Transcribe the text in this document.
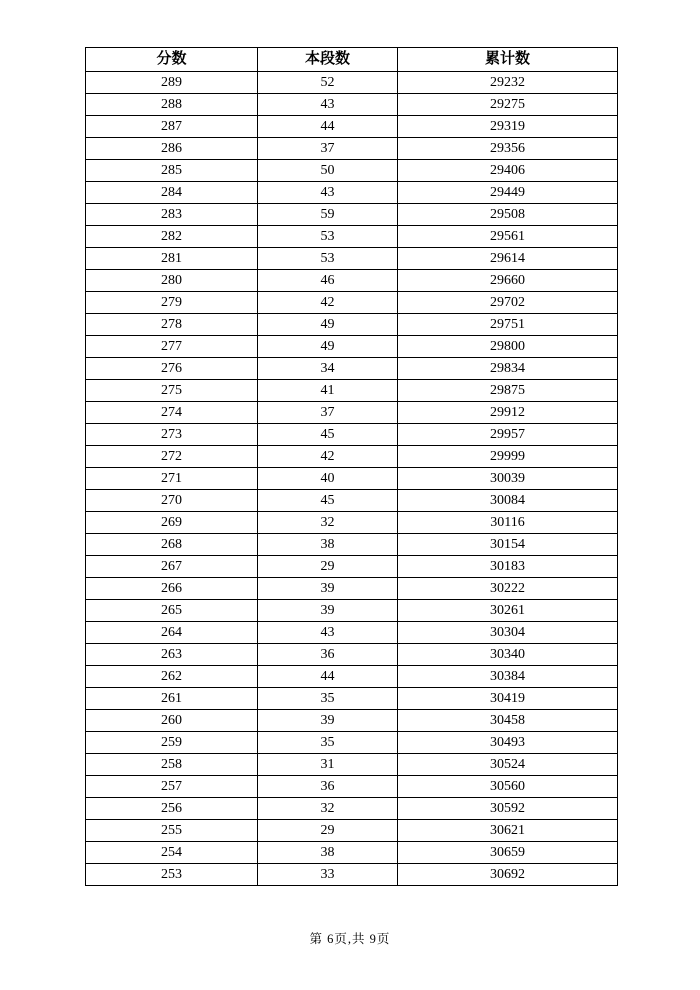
分数	本段数	累计数
289	52	29232
288	43	29275
287	44	29319
286	37	29356
285	50	29406
284	43	29449
283	59	29508
282	53	29561
281	53	29614
280	46	29660
279	42	29702
278	49	29751
277	49	29800
276	34	29834
275	41	29875
274	37	29912
273	45	29957
272	42	29999
271	40	30039
270	45	30084
269	32	30116
268	38	30154
267	29	30183
266	39	30222
265	39	30261
264	43	30304
263	36	30340
262	44	30384
261	35	30419
260	39	30458
259	35	30493
258	31	30524
257	36	30560
256	32	30592
255	29	30621
254	38	30659
253	33	30692
第 6页,共 9页
